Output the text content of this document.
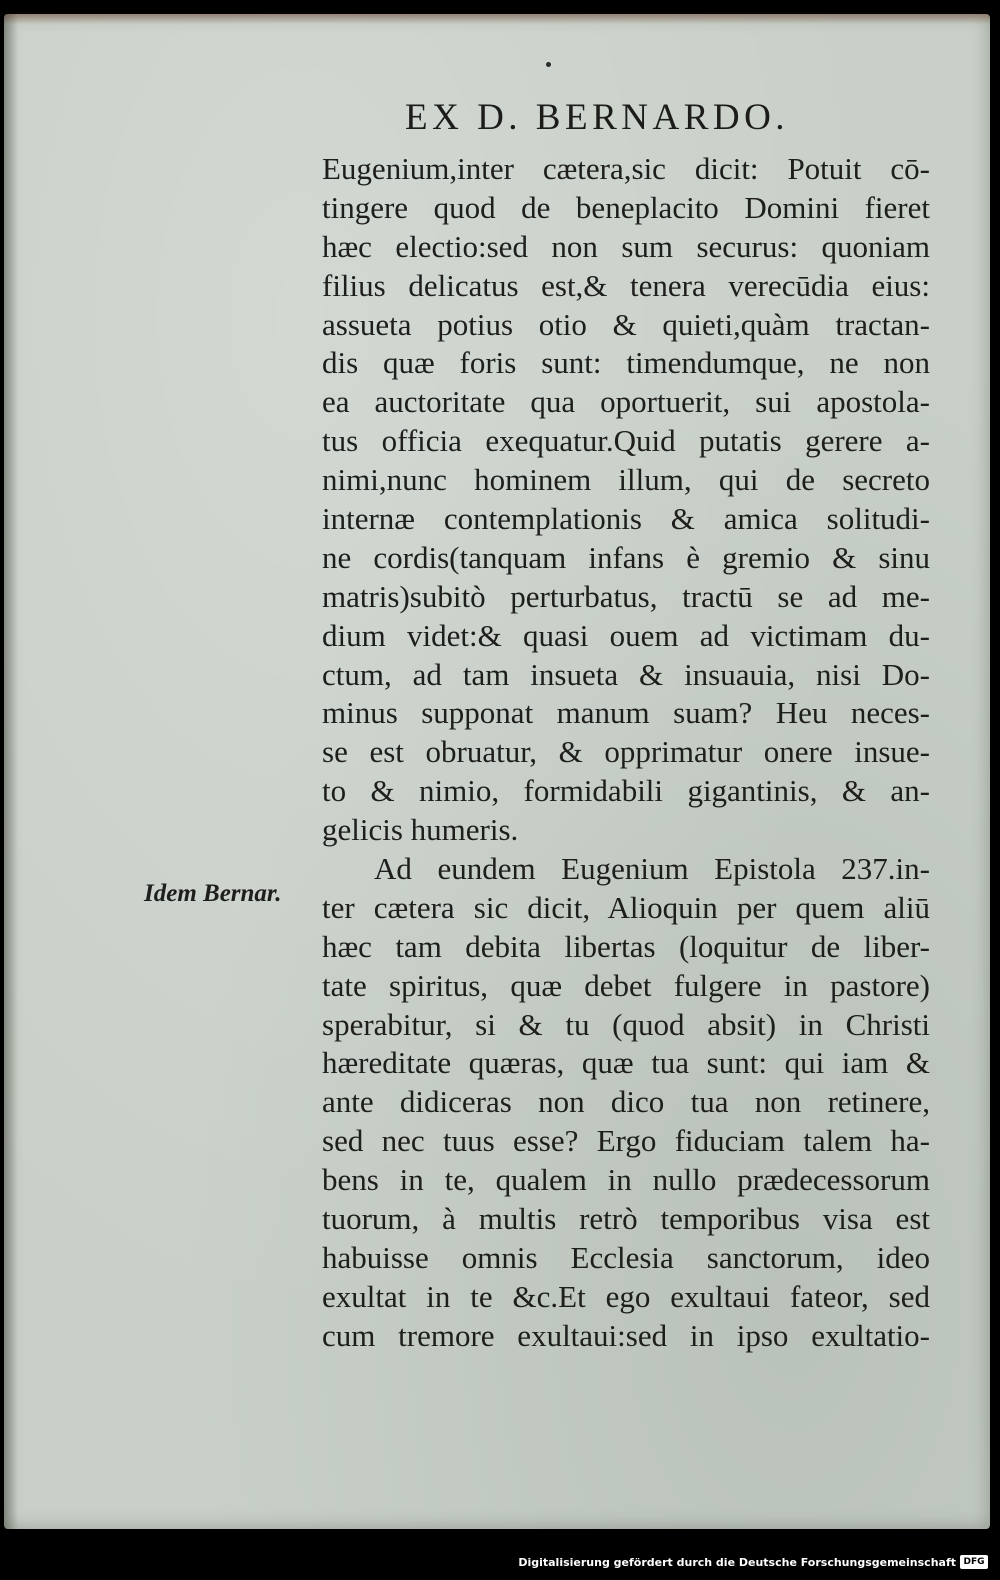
EX D. BERNARDO.
Idem Bernar.
Eugenium,inter cætera,sic dicit: Potuit cō-
tingere quod de beneplacito Domini fieret
hæc electio:sed non sum securus: quoniam
filius delicatus est,& tenera verecūdia eius:
assueta potius otio & quieti,quàm tractan-
dis quæ foris sunt: timendumque, ne non
ea auctoritate qua oportuerit, sui apostola-
tus officia exequatur.Quid putatis gerere a-
nimi,nunc hominem illum, qui de secreto
internæ contemplationis & amica solitudi-
ne cordis(tanquam infans è gremio & sinu
matris)subitò perturbatus, tractū se ad me-
dium videt:& quasi ouem ad victimam du-
ctum, ad tam insueta & insuauia, nisi Do-
minus supponat manum suam? Heu neces-
se est obruatur, & opprimatur onere insue-
to & nimio, formidabili gigantinis, & an-
gelicis humeris.
Ad eundem Eugenium Epistola 237.in-
ter cætera sic dicit, Alioquin per quem aliū
hæc tam debita libertas (loquitur de liber-
tate spiritus, quæ debet fulgere in pastore)
sperabitur, si & tu (quod absit) in Christi
hæreditate quæras, quæ tua sunt: qui iam &
ante didiceras non dico tua non retinere,
sed nec tuus esse? Ergo fiduciam talem ha-
bens in te, qualem in nullo prædecessorum
tuorum, à multis retrò temporibus visa est
habuisse omnis Ecclesia sanctorum, ideo
exultat in te &c.Et ego exultaui fateor, sed
cum tremore exultaui:sed in ipso exultatio-
Digitalisierung gefördert durch die Deutsche Forschungsgemeinschaft DFG
